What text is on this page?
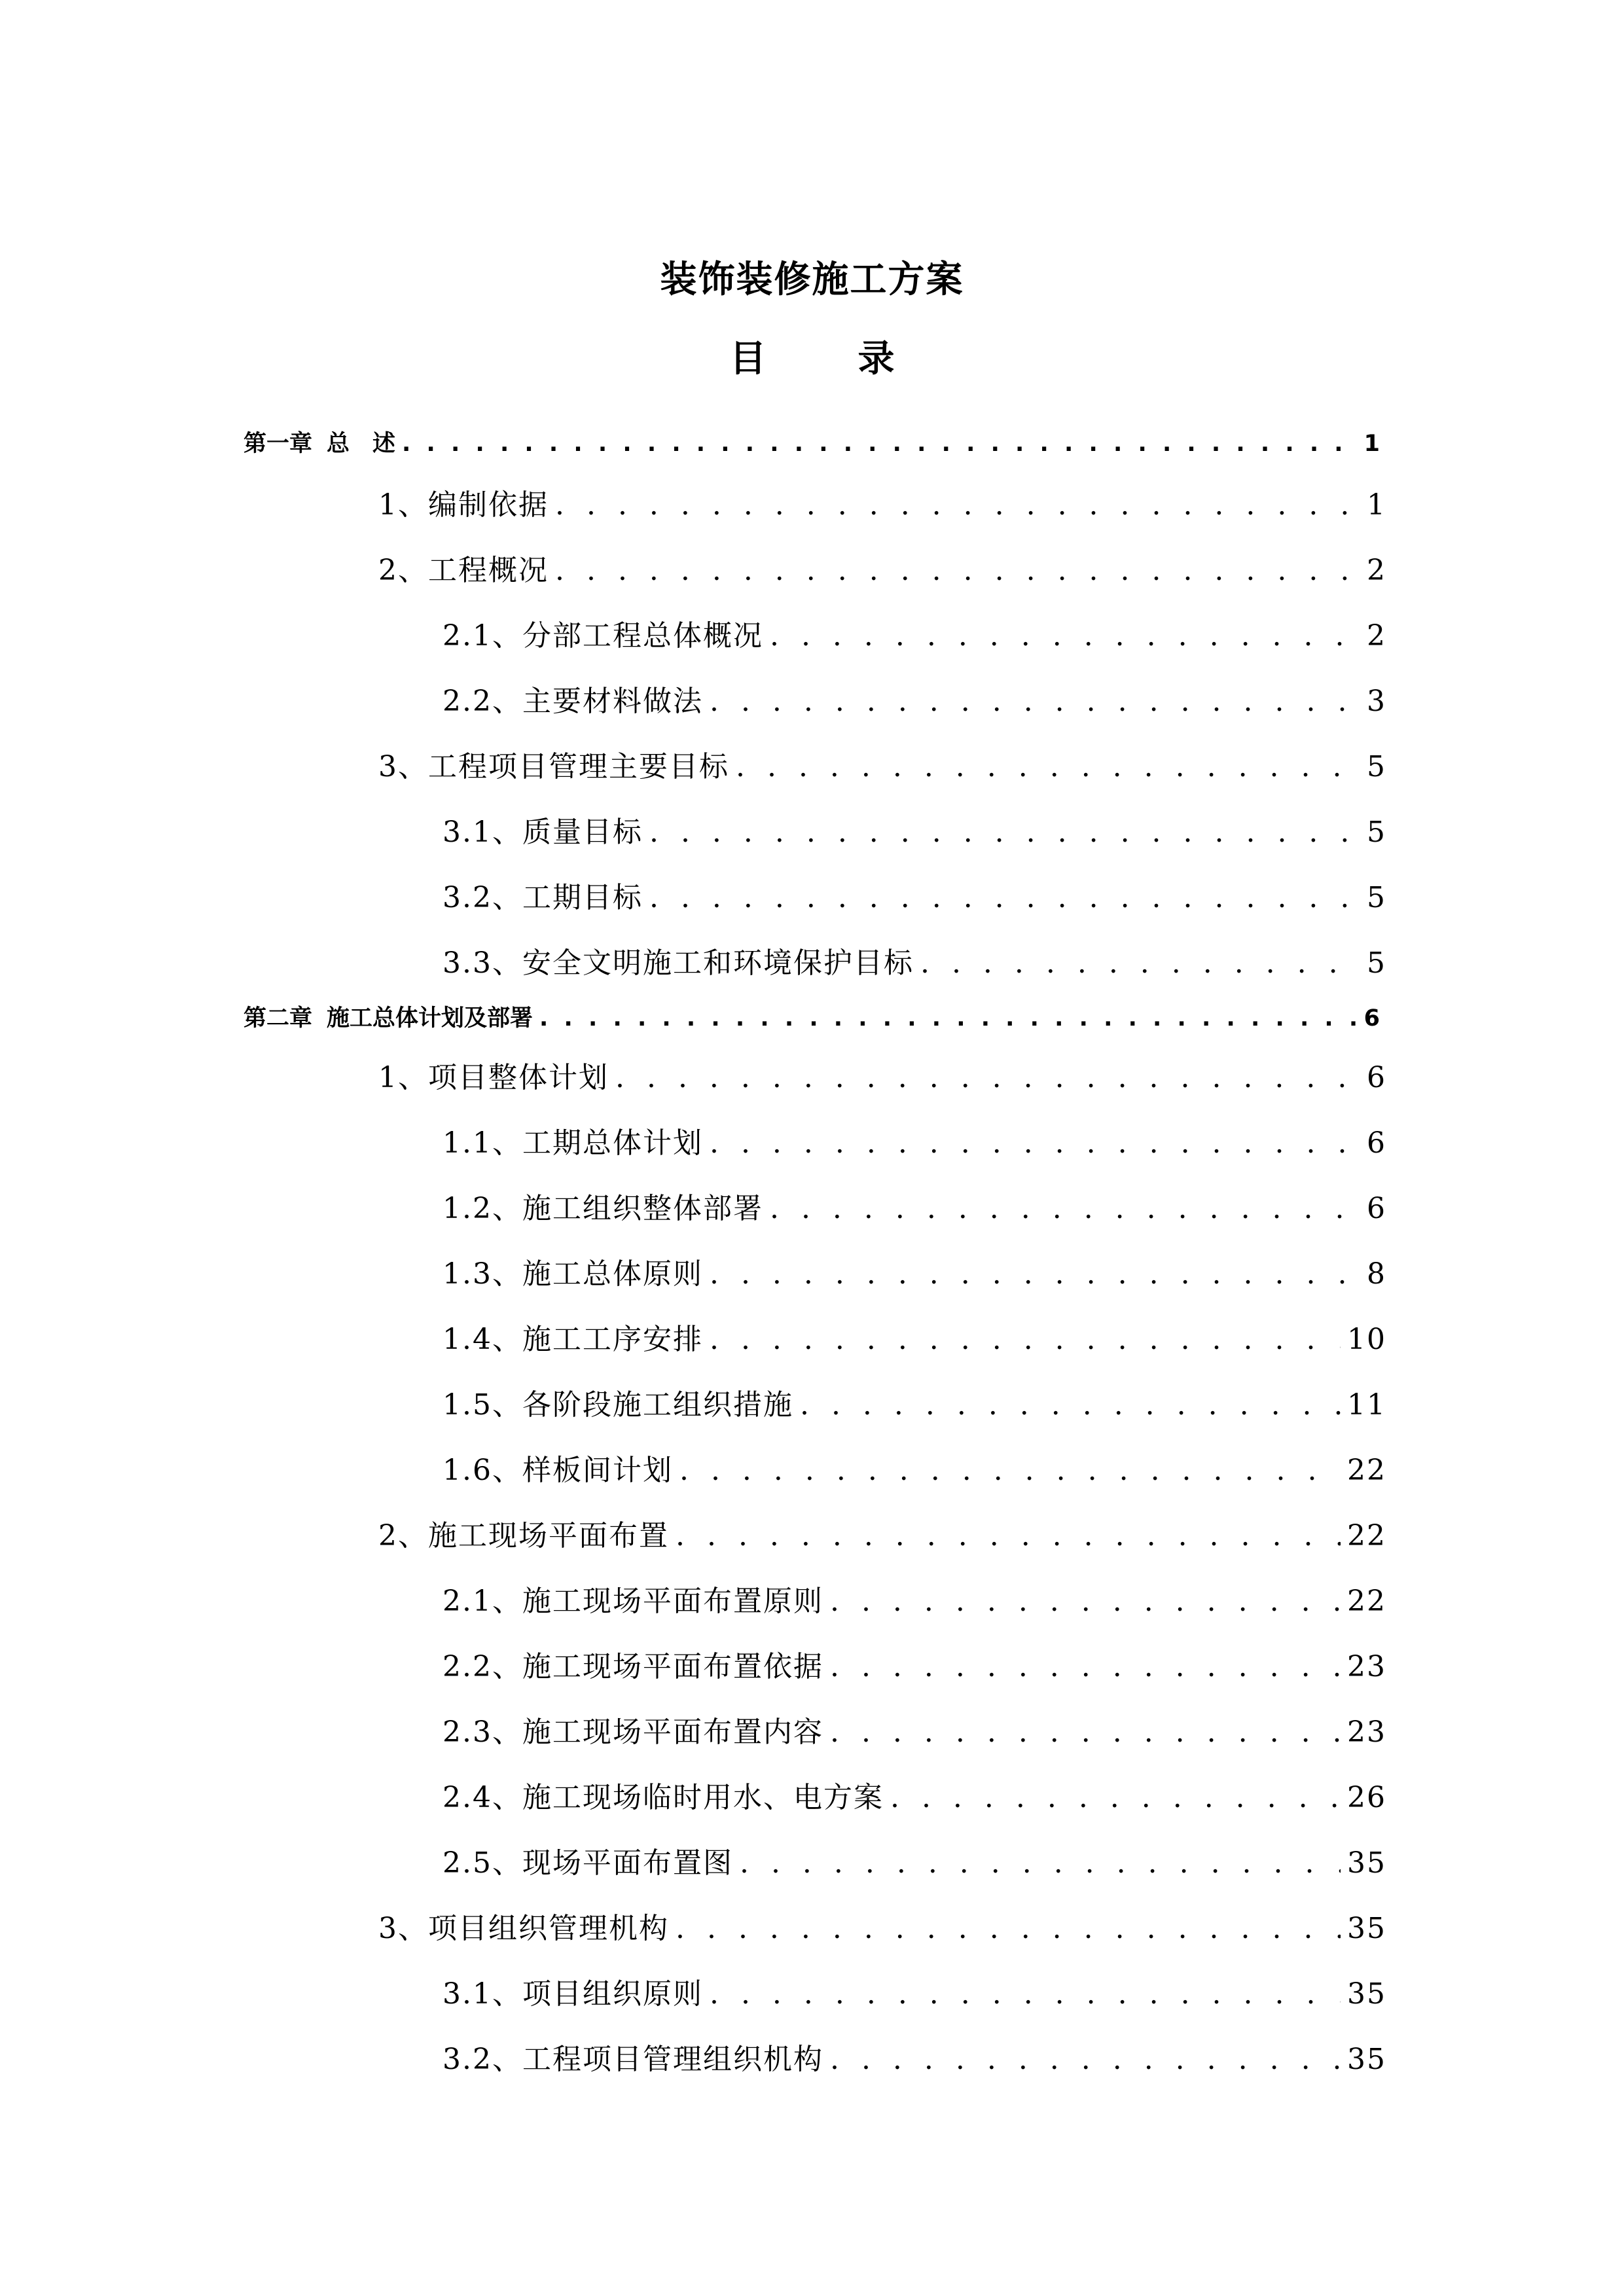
装饰装修施工方案
目	录
第一章 总　述 . . .	1
1、 编制依据 . . .	1
2、 工程概况 . . .	2
2.1、 分部工程总体概况 . . .	2
2.2、 主要材料做法 . . .	3
3、 工程项目管理主要目标 . . .	5
3.1、 质量目标 . . .	5
3.2、 工期目标 . . .	5
3.3、 安全文明施工和环境保护目标 . . .	5
第二章 施工总体计划及部署 . . .	6
1、 项目整体计划 . . .	6
1.1、 工期总体计划 . . .	6
1.2、 施工组织整体部署 . . .	6
1.3、 施工总体原则 . . .	8
1.4、 施工工序安排 . . .	10
1.5、 各阶段施工组织措施 . . .	11
1.6、 样板间计划 . . .	22
2、 施工现场平面布置 . . .	22
2.1、 施工现场平面布置原则 . . .	22
2.2、 施工现场平面布置依据 . . .	23
2.3、 施工现场平面布置内容 . . .	23
2.4、 施工现场临时用水、电方案 . . .	26
2.5、 现场平面布置图 . . .	35
3、 项目组织管理机构 . . .	35
3.1、 项目组织原则 . . .	35
3.2、 工程项目管理组织机构 . . .	35
